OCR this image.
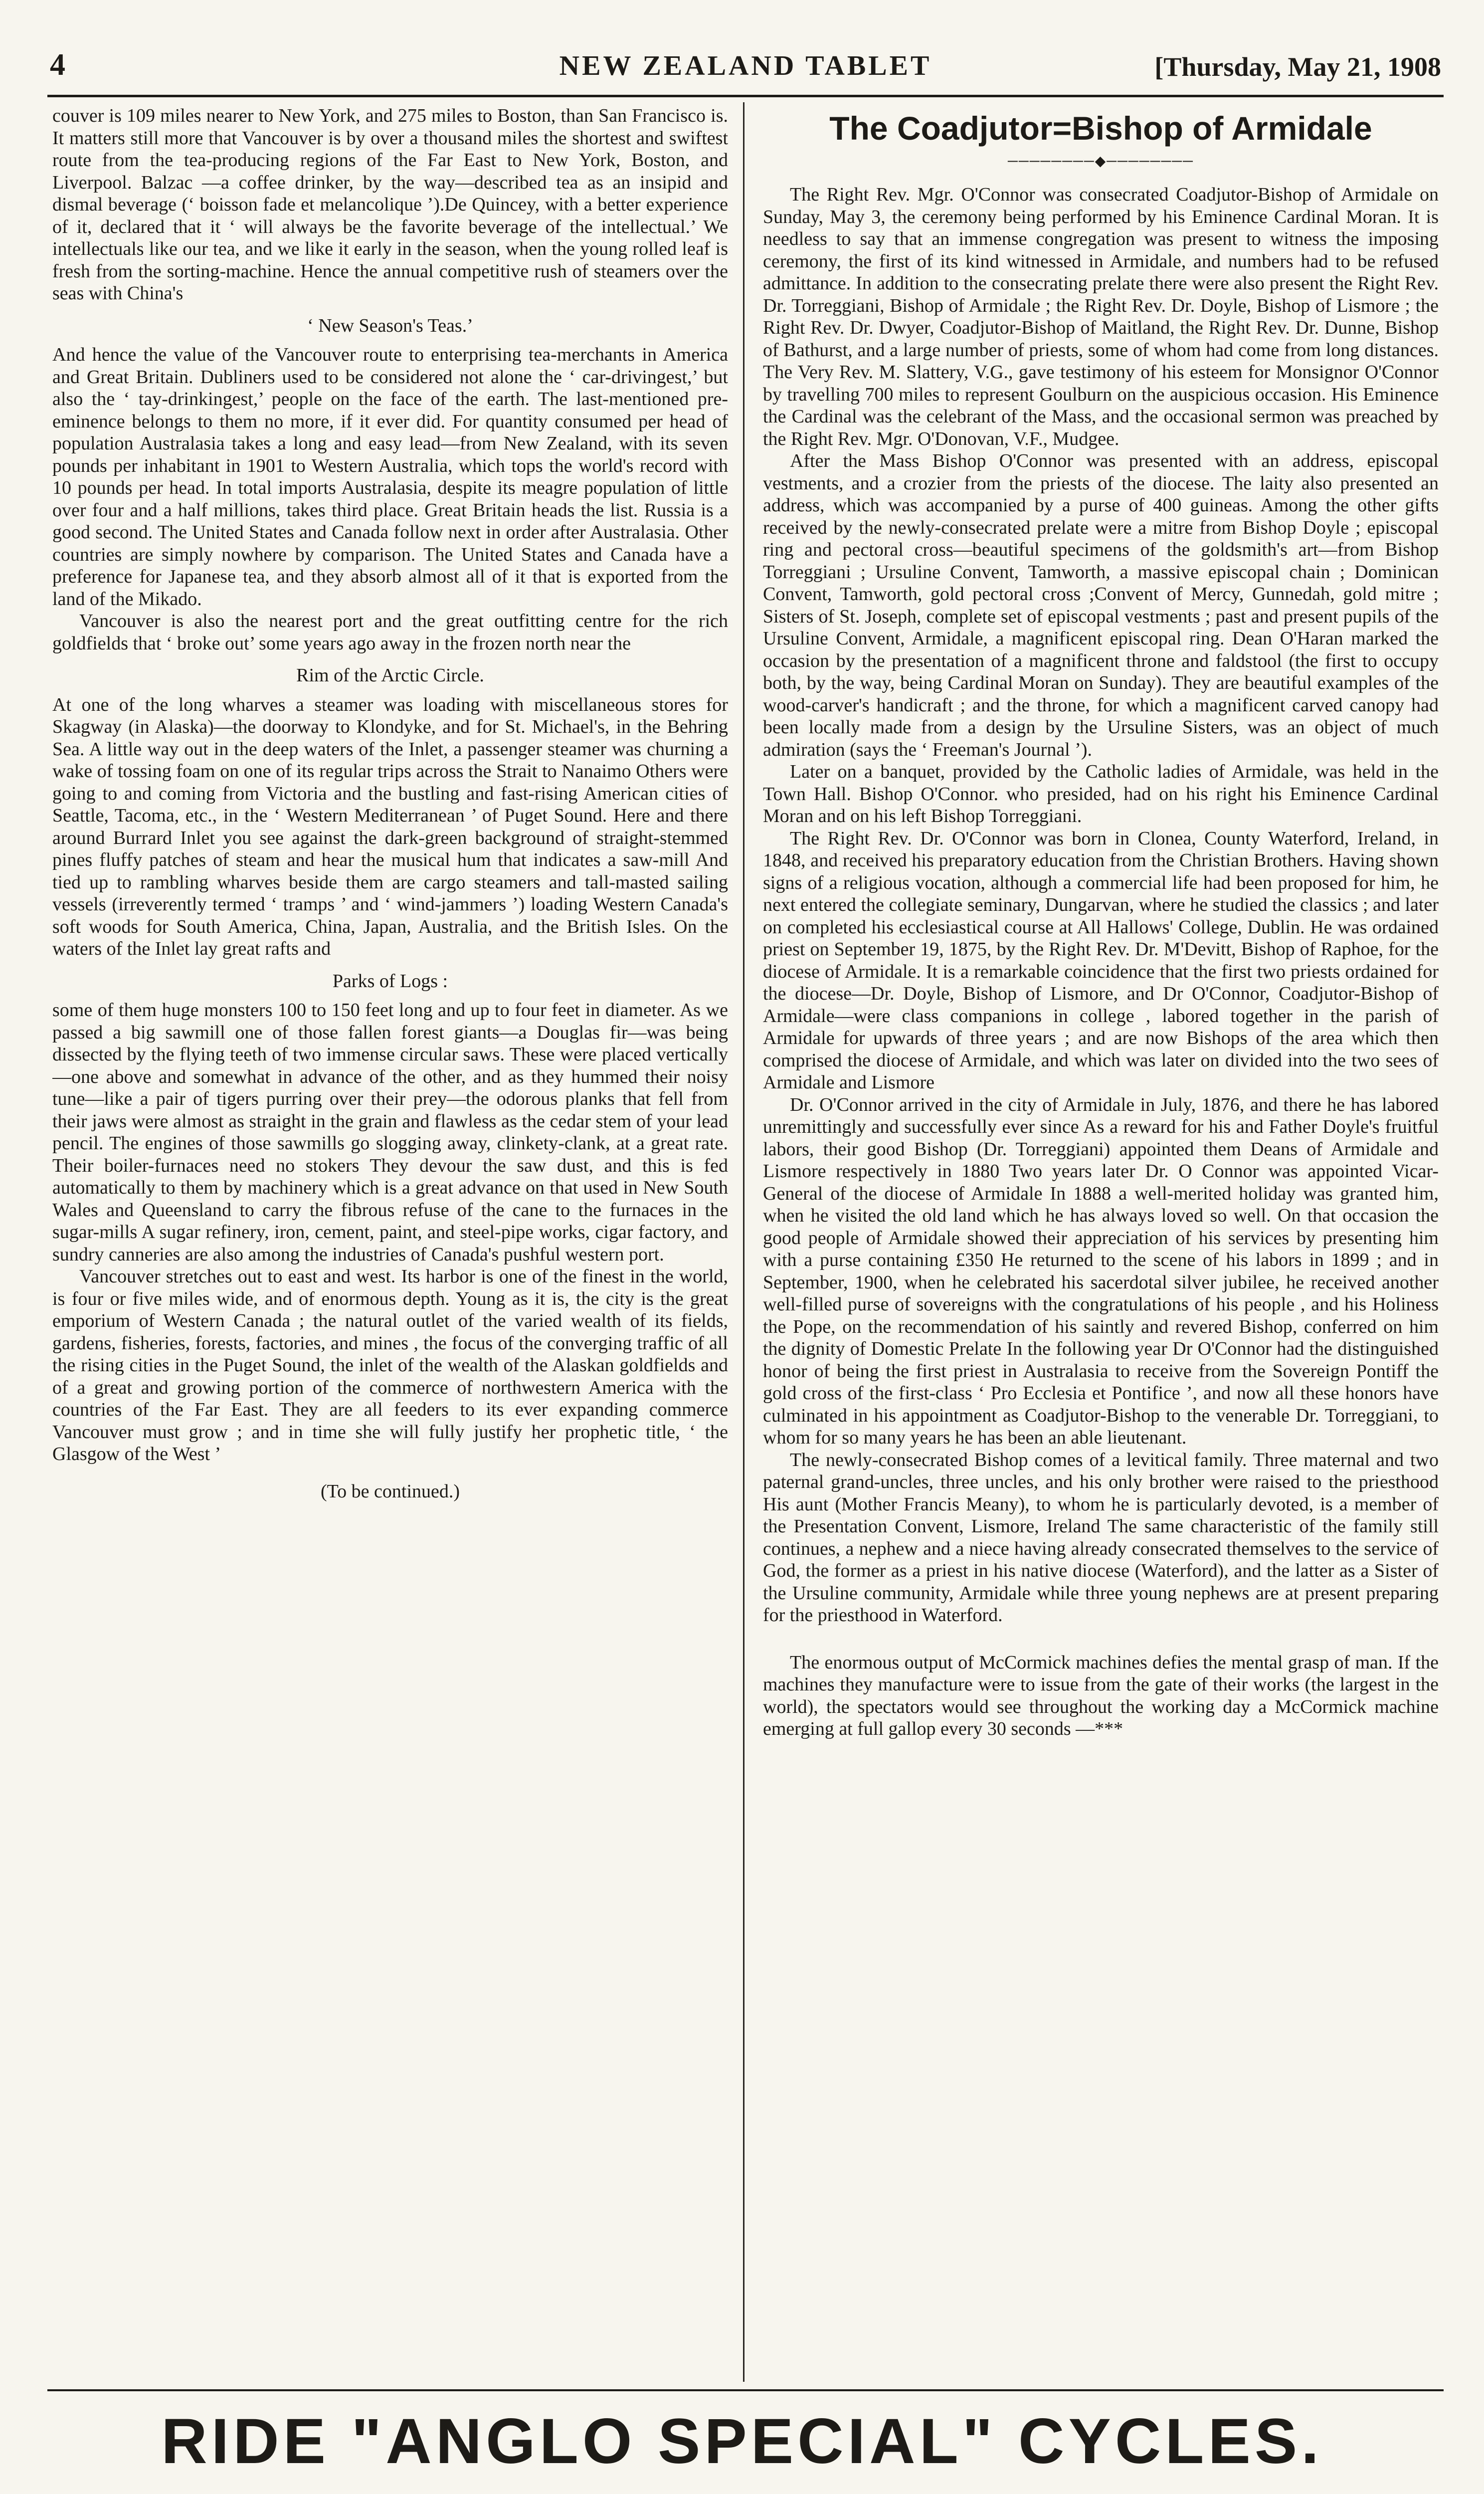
4	NEW ZEALAND TABLET	[Thursday, May 21, 1908

couver is 109 miles nearer to New York, and 275 miles to Boston, than San Francisco is. It matters still more that Vancouver is by over a thousand miles the shortest and swiftest route from the tea-producing regions of the Far East to New York, Boston, and Liverpool. Balzac —a coffee drinker, by the way—described tea as an insipid and dismal beverage (‘ boisson fade et melancolique ’).De Quincey, with a better experience of it, declared that it ‘ will always be the favorite beverage of the intellectual.’ We intellectuals like our tea, and we like it early in the season, when the young rolled leaf is fresh from the sorting-machine. Hence the annual competitive rush of steamers over the seas with China's

‘ New Season's Teas.’

And hence the value of the Vancouver route to enterprising tea-merchants in America and Great Britain. Dubliners used to be considered not alone the ‘ car-drivingest,’ but also the ‘ tay-drinkingest,’ people on the face of the earth. The last-mentioned pre-eminence belongs to them no more, if it ever did. For quantity consumed per head of population Australasia takes a long and easy lead—from New Zealand, with its seven pounds per inhabitant in 1901 to Western Australia, which tops the world's record with 10 pounds per head. In total imports Australasia, despite its meagre population of little over four and a half millions, takes third place. Great Britain heads the list. Russia is a good second. The United States and Canada follow next in order after Australasia. Other countries are simply nowhere by comparison. The United States and Canada have a preference for Japanese tea, and they absorb almost all of it that is exported from the land of the Mikado.

Vancouver is also the nearest port and the great outfitting centre for the rich goldfields that ‘ broke out’ some years ago away in the frozen north near the

Rim of the Arctic Circle.

At one of the long wharves a steamer was loading with miscellaneous stores for Skagway (in Alaska)—the doorway to Klondyke, and for St. Michael's, in the Behring Sea. A little way out in the deep waters of the Inlet, a passenger steamer was churning a wake of tossing foam on one of its regular trips across the Strait to Nanaimo Others were going to and coming from Victoria and the bustling and fast-rising American cities of Seattle, Tacoma, etc., in the ‘ Western Mediterranean ’ of Puget Sound. Here and there around Burrard Inlet you see against the dark-green background of straight-stemmed pines fluffy patches of steam and hear the musical hum that indicates a saw-mill And tied up to rambling wharves beside them are cargo steamers and tall-masted sailing vessels (irreverently termed ‘ tramps ’ and ‘ wind-jammers ’) loading Western Canada's soft woods for South America, China, Japan, Australia, and the British Isles. On the waters of the Inlet lay great rafts and

Parks of Logs :

some of them huge monsters 100 to 150 feet long and up to four feet in diameter. As we passed a big sawmill one of those fallen forest giants—a Douglas fir—was being dissected by the flying teeth of two immense circular saws. These were placed vertically—one above and somewhat in advance of the other, and as they hummed their noisy tune—like a pair of tigers purring over their prey—the odorous planks that fell from their jaws were almost as straight in the grain and flawless as the cedar stem of your lead pencil. The engines of those sawmills go slogging away, clinkety-clank, at a great rate. Their boiler-furnaces need no stokers They devour the saw dust, and this is fed automatically to them by machinery which is a great advance on that used in New South Wales and Queensland to carry the fibrous refuse of the cane to the furnaces in the sugar-mills A sugar refinery, iron, cement, paint, and steel-pipe works, cigar factory, and sundry canneries are also among the industries of Canada's pushful western port.

Vancouver stretches out to east and west. Its harbor is one of the finest in the world, is four or five miles wide, and of enormous depth. Young as it is, the city is the great emporium of Western Canada ; the natural outlet of the varied wealth of its fields, gardens, fisheries, forests, factories, and mines , the focus of the converging traffic of all the rising cities in the Puget Sound, the inlet of the wealth of the Alaskan goldfields and of a great and growing portion of the commerce of northwestern America with the countries of the Far East. They are all feeders to its ever expanding commerce Vancouver must grow ; and in time she will fully justify her prophetic title, ‘ the Glasgow of the West ’

(To be continued.)
The Coadjutor=Bishop of Armidale
────────◆────────

The Right Rev. Mgr. O'Connor was consecrated Coadjutor-Bishop of Armidale on Sunday, May 3, the ceremony being performed by his Eminence Cardinal Moran. It is needless to say that an immense congregation was present to witness the imposing ceremony, the first of its kind witnessed in Armidale, and numbers had to be refused admittance. In addition to the consecrating prelate there were also present the Right Rev. Dr. Torreggiani, Bishop of Armidale ; the Right Rev. Dr. Doyle, Bishop of Lismore ; the Right Rev. Dr. Dwyer, Coadjutor-Bishop of Maitland, the Right Rev. Dr. Dunne, Bishop of Bathurst, and a large number of priests, some of whom had come from long distances. The Very Rev. M. Slattery, V.G., gave testimony of his esteem for Monsignor O'Connor by travelling 700 miles to represent Goulburn on the auspicious occasion. His Eminence the Cardinal was the celebrant of the Mass, and the occasional sermon was preached by the Right Rev. Mgr. O'Donovan, V.F., Mudgee.

After the Mass Bishop O'Connor was presented with an address, episcopal vestments, and a crozier from the priests of the diocese. The laity also presented an address, which was accompanied by a purse of 400 guineas. Among the other gifts received by the newly-consecrated prelate were a mitre from Bishop Doyle ; episcopal ring and pectoral cross—beautiful specimens of the goldsmith's art—from Bishop Torreggiani ; Ursuline Convent, Tamworth, a massive episcopal chain ; Dominican Convent, Tamworth, gold pectoral cross ;Convent of Mercy, Gunnedah, gold mitre ; Sisters of St. Joseph, complete set of episcopal vestments ; past and present pupils of the Ursuline Convent, Armidale, a magnificent episcopal ring. Dean O'Haran marked the occasion by the presentation of a magnificent throne and faldstool (the first to occupy both, by the way, being Cardinal Moran on Sunday). They are beautiful examples of the wood-carver's handicraft ; and the throne, for which a magnificent carved canopy had been locally made from a design by the Ursuline Sisters, was an object of much admiration (says the ‘ Freeman's Journal ’).

Later on a banquet, provided by the Catholic ladies of Armidale, was held in the Town Hall. Bishop O'Connor. who presided, had on his right his Eminence Cardinal Moran and on his left Bishop Torreggiani.

The Right Rev. Dr. O'Connor was born in Clonea, County Waterford, Ireland, in 1848, and received his preparatory education from the Christian Brothers. Having shown signs of a religious vocation, although a commercial life had been proposed for him, he next entered the collegiate seminary, Dungarvan, where he studied the classics ; and later on completed his ecclesiastical course at All Hallows' College, Dublin. He was ordained priest on September 19, 1875, by the Right Rev. Dr. M'Devitt, Bishop of Raphoe, for the diocese of Armidale. It is a remarkable coincidence that the first two priests ordained for the diocese—Dr. Doyle, Bishop of Lismore, and Dr O'Connor, Coadjutor-Bishop of Armidale—were class companions in college , labored together in the parish of Armidale for upwards of three years ; and are now Bishops of the area which then comprised the diocese of Armidale, and which was later on divided into the two sees of Armidale and Lismore

Dr. O'Connor arrived in the city of Armidale in July, 1876, and there he has labored unremittingly and successfully ever since As a reward for his and Father Doyle's fruitful labors, their good Bishop (Dr. Torreggiani) appointed them Deans of Armidale and Lismore respectively in 1880 Two years later Dr. O Connor was appointed Vicar-General of the diocese of Armidale In 1888 a well-merited holiday was granted him, when he visited the old land which he has always loved so well. On that occasion the good people of Armidale showed their appreciation of his services by presenting him with a purse containing £350 He returned to the scene of his labors in 1899 ; and in September, 1900, when he celebrated his sacerdotal silver jubilee, he received another well-filled purse of sovereigns with the congratulations of his people , and his Holiness the Pope, on the recommendation of his saintly and revered Bishop, conferred on him the dignity of Domestic Prelate In the following year Dr O'Connor had the distinguished honor of being the first priest in Australasia to receive from the Sovereign Pontiff the gold cross of the first-class ‘ Pro Ecclesia et Pontifice ’, and now all these honors have culminated in his appointment as Coadjutor-Bishop to the venerable Dr. Torreggiani, to whom for so many years he has been an able lieutenant.

The newly-consecrated Bishop comes of a levitical family. Three maternal and two paternal grand-uncles, three uncles, and his only brother were raised to the priesthood His aunt (Mother Francis Meany), to whom he is particularly devoted, is a member of the Presentation Convent, Lismore, Ireland The same characteristic of the family still continues, a nephew and a niece having already consecrated themselves to the service of God, the former as a priest in his native diocese (Waterford), and the latter as a Sister of the Ursuline community, Armidale while three young nephews are at present preparing for the priesthood in Waterford.

The enormous output of McCormick machines defies the mental grasp of man. If the machines they manufacture were to issue from the gate of their works (the largest in the world), the spectators would see throughout the working day a McCormick machine emerging at full gallop every 30 seconds —***

RIDE "ANGLO SPECIAL" CYCLES.
